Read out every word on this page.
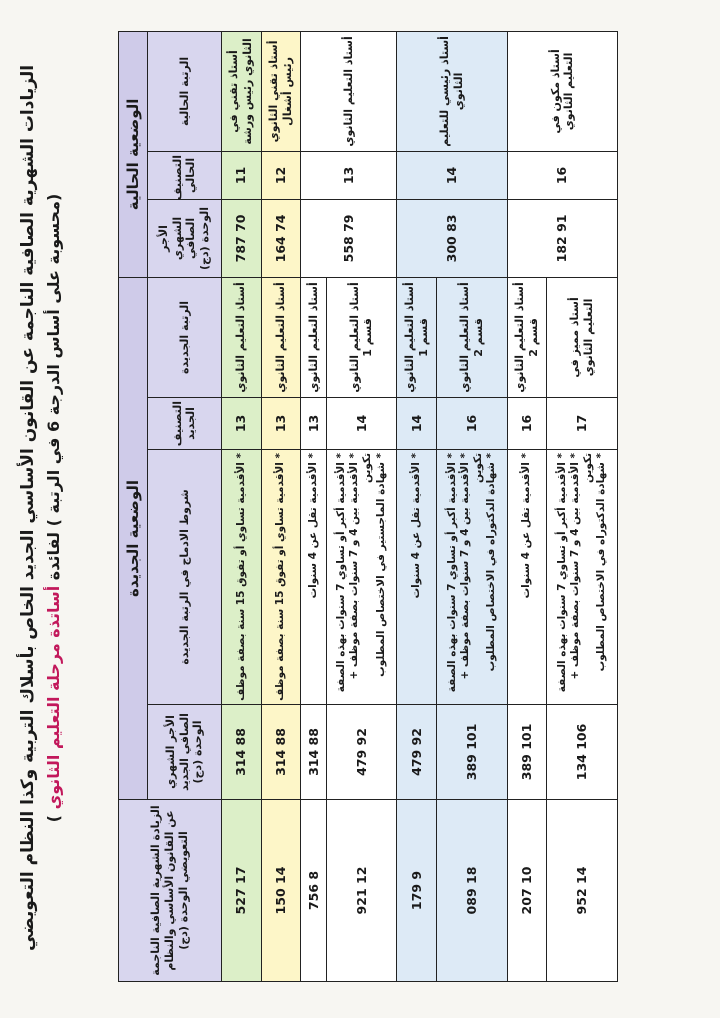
الزيادات الشهرية الصافية الناجمة عن القانون الأساسي الجديد الخاص بأسلاك التربية وكذا النظام التعويضي (محسوبة على أساس الدرجة 6 في الرتبة ) لفائدة أساتذة مرحلة التعليم الثانوي )

الوضعية الحالية			الوضعية الجديدة				الزيادة الشهرية الصافية الناجمة عن القانون الأساسي والنظام التعويضي الوحدة (دج)
الرتبة الحالية	التصنيف الحالي	الأجر الشهري الصافي الوحدة (دج)	الرتبة الجديدة	التصنيف الجديد	شروط الادماج في الرتبة الجديدة	الأجر الشهري الصافي الجديد الوحدة (دج)	
أستاذ تقني في الثانوي رئيس ورشة	11	70 787	أستاذ التعليم الثانوي	13	* الأقدمية تساوي أو تفوق 15 سنة بصفة موظف	88 314	17 527
أستاذ تقني الثانوي رئيس أشغال	12	74 164	أستاذ التعليم الثانوي	13	* الأقدمية تساوي أو تفوق 15 سنة بصفة موظف	88 314	14 150
أستاذ التعليم الثانوي	13	79 558	أستاذ التعليم الثانوي	13	* الأقدمية تقل عن 4 سنوات	88 314	8 756
			أستاذ التعليم الثانوي قسم 1	14	* الأقدمية أكبر أو تساوي 7 سنوات بهذه الصفة
* الأقدمية بين 4 و 7 سنوات بصفة موظف + تكوين * شهادة الماجستير في الاختصاص المطلوب	92 479	12 921
أستاذ رئيسي للتعليم الثانوي	14	83 300	أستاذ التعليم الثانوي قسم 1	14	* الأقدمية تقل عن 4 سنوات	92 479	9 179
			أستاذ التعليم الثانوي قسم 2	16	* الأقدمية أكبر أو تساوي 7 سنوات بهذه الصفة
* الأقدمية بين 4 و 7 سنوات بصفة موظف + تكوين * شهادة الدكتوراه في الاختصاص المطلوب	101 389	18 089
أستاذ مكون في التعليم الثانوي	16	91 182	أستاذ التعليم الثانوي قسم 2	16	* الأقدمية تقل عن 4 سنوات	101 389	10 207
			أستاذ مميز في التعليم الثانوي	17	* الأقدمية أكبر أو تساوي 7 سنوات بهذه الصفة
* الأقدمية بين 4 و 7 سنوات بصفة موظف + تكوين * شهادة الدكتوراه في الاختصاص المطلوب	106 134	14 952
